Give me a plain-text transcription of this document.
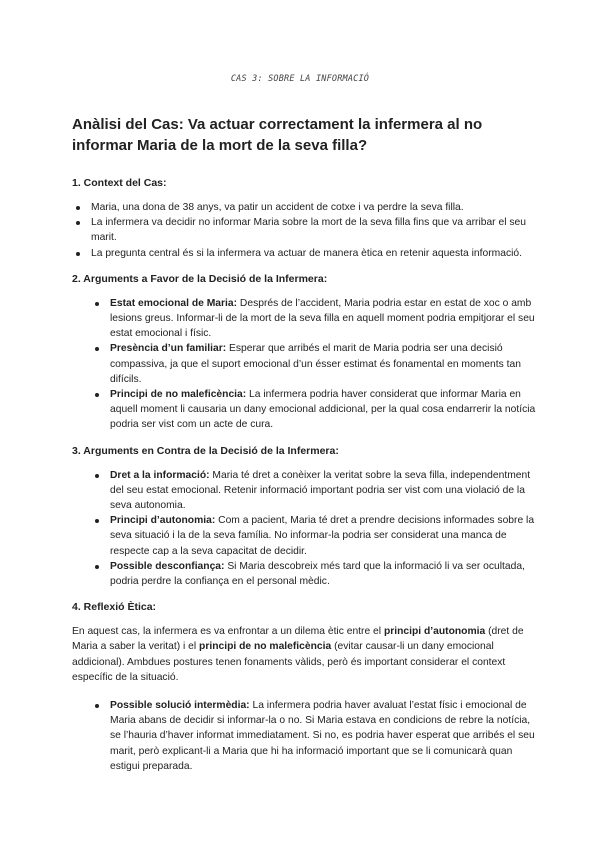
CAS 3: SOBRE LA INFORMACIÓ
Anàlisi del Cas: Va actuar correctament la infermera al no informar Maria de la mort de la seva filla?
1. Context del Cas:
Maria, una dona de 38 anys, va patir un accident de cotxe i va perdre la seva filla.
La infermera va decidir no informar Maria sobre la mort de la seva filla fins que va arribar el seu marit.
La pregunta central és si la infermera va actuar de manera ètica en retenir aquesta informació.
2. Arguments a Favor de la Decisió de la Infermera:
Estat emocional de Maria: Després de l’accident, Maria podria estar en estat de xoc o amb lesions greus. Informar-li de la mort de la seva filla en aquell moment podria empitjorar el seu estat emocional i físic.
Presència d’un familiar: Esperar que arribés el marit de Maria podria ser una decisió compassiva, ja que el suport emocional d’un ésser estimat és fonamental en moments tan difícils.
Principi de no maleficència: La infermera podria haver considerat que informar Maria en aquell moment li causaria un dany emocional addicional, per la qual cosa endarrerir la notícia podria ser vist com un acte de cura.
3. Arguments en Contra de la Decisió de la Infermera:
Dret a la informació: Maria té dret a conèixer la veritat sobre la seva filla, independentment del seu estat emocional. Retenir informació important podria ser vist com una violació de la seva autonomia.
Principi d’autonomia: Com a pacient, Maria té dret a prendre decisions informades sobre la seva situació i la de la seva família. No informar-la podria ser considerat una manca de respecte cap a la seva capacitat de decidir.
Possible desconfiança: Si Maria descobreix més tard que la informació li va ser ocultada, podria perdre la confiança en el personal mèdic.
4. Reflexió Ètica:

En aquest cas, la infermera es va enfrontar a un dilema ètic entre el principi d’autonomia (dret de Maria a saber la veritat) i el principi de no maleficència (evitar causar-li un dany emocional addicional). Ambdues postures tenen fonaments vàlids, però és important considerar el context específic de la situació.

Possible solució intermèdia: La infermera podria haver avaluat l’estat físic i emocional de Maria abans de decidir si informar-la o no. Si Maria estava en condicions de rebre la notícia, se l’hauria d’haver informat immediatament. Si no, es podria haver esperat que arribés el seu marit, però explicant-li a Maria que hi ha informació important que se li comunicarà quan estigui preparada.
